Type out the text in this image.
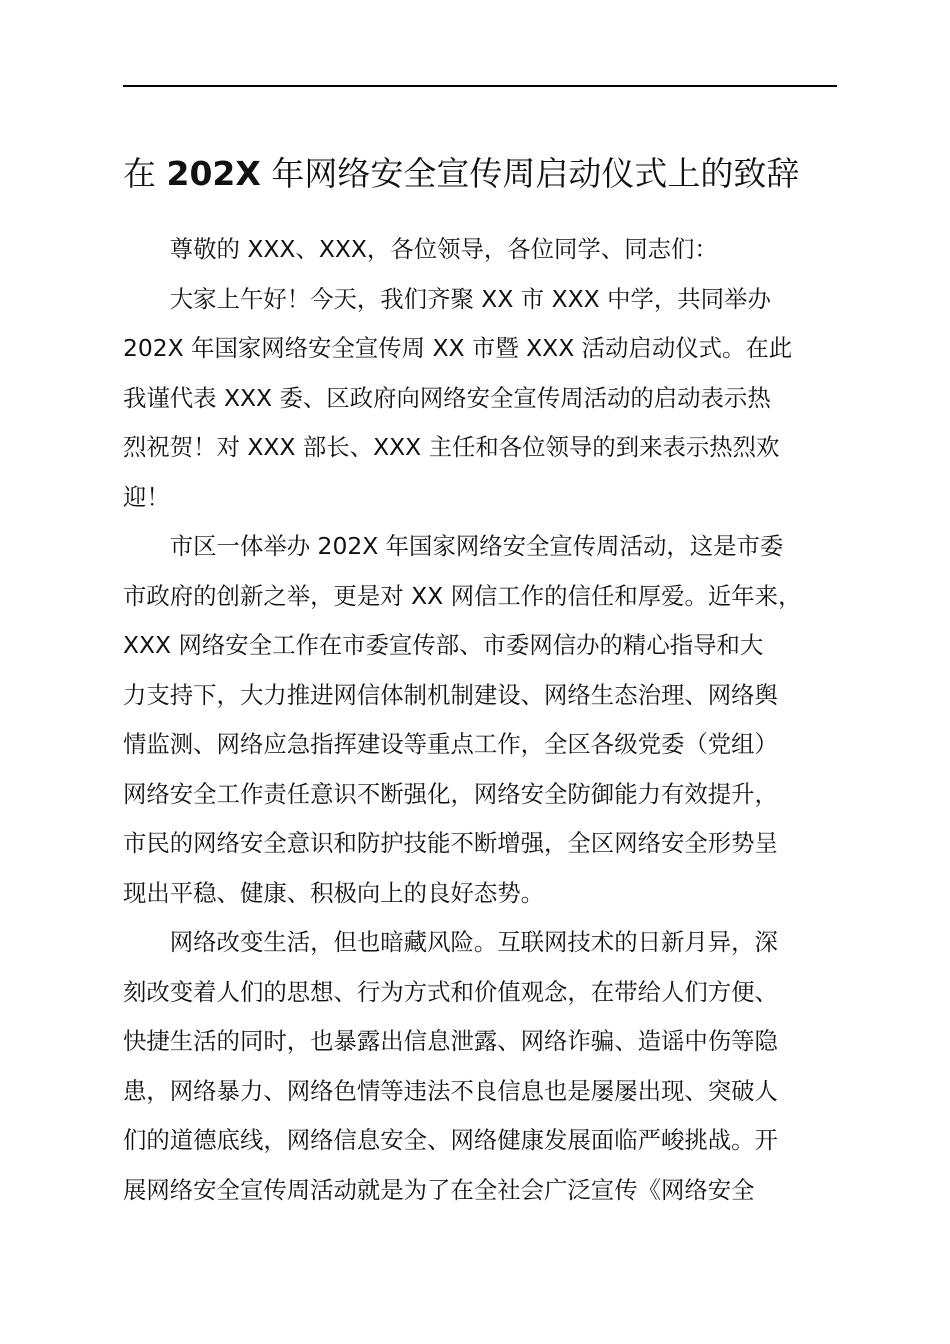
在 202X 年网络安全宣传周启动仪式上的致辞
　　尊敬的 XXX、XXX，各位领导，各位同学、同志们：
　　大家上午好！今天，我们齐聚 XX 市 XXX 中学，共同举办
202X 年国家网络安全宣传周 XX 市暨 XXX 活动启动仪式。在此
我谨代表 XXX 委、区政府向网络安全宣传周活动的启动表示热
烈祝贺！对 XXX 部长、XXX 主任和各位领导的到来表示热烈欢
迎！
　　市区一体举办 202X 年国家网络安全宣传周活动，这是市委
市政府的创新之举，更是对 XX 网信工作的信任和厚爱。近年来，
XXX 网络安全工作在市委宣传部、市委网信办的精心指导和大
力支持下，大力推进网信体制机制建设、网络生态治理、网络舆
情监测、网络应急指挥建设等重点工作，全区各级党委（党组）
网络安全工作责任意识不断强化，网络安全防御能力有效提升，
市民的网络安全意识和防护技能不断增强，全区网络安全形势呈
现出平稳、健康、积极向上的良好态势。
　　网络改变生活，但也暗藏风险。互联网技术的日新月异，深
刻改变着人们的思想、行为方式和价值观念，在带给人们方便、
快捷生活的同时，也暴露出信息泄露、网络诈骗、造谣中伤等隐
患，网络暴力、网络色情等违法不良信息也是屡屡出现、突破人
们的道德底线，网络信息安全、网络健康发展面临严峻挑战。开
展网络安全宣传周活动就是为了在全社会广泛宣传《网络安全
